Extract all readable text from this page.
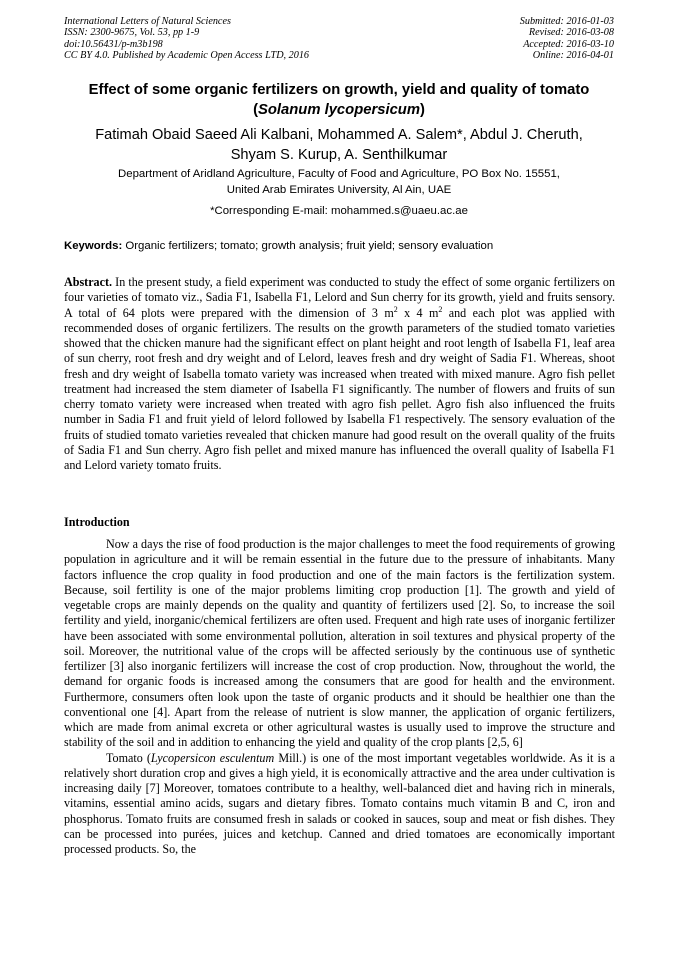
International Letters of Natural Sciences
ISSN: 2300-9675, Vol. 53, pp 1-9
doi:10.56431/p-m3b198
CC BY 4.0. Published by Academic Open Access LTD, 2016
Submitted: 2016-01-03
Revised: 2016-03-08
Accepted: 2016-03-10
Online: 2016-04-01
Effect of some organic fertilizers on growth, yield and quality of tomato
(Solanum lycopersicum)
Fatimah Obaid Saeed Ali Kalbani, Mohammed A. Salem*, Abdul J. Cheruth,
Shyam S. Kurup, A. Senthilkumar
Department of Aridland Agriculture, Faculty of Food and Agriculture, PO Box No. 15551,
United Arab Emirates University, Al Ain, UAE
*Corresponding E-mail: mohammed.s@uaeu.ac.ae
Keywords: Organic fertilizers; tomato; growth analysis; fruit yield; sensory evaluation
Abstract. In the present study, a field experiment was conducted to study the effect of some organic fertilizers on four varieties of tomato viz., Sadia F1, Isabella F1, Lelord and Sun cherry for its growth, yield and fruits sensory. A total of 64 plots were prepared with the dimension of 3 $m^2$ x 4 $m^2$ and each plot was applied with recommended doses of organic fertilizers. The results on the growth parameters of the studied tomato varieties showed that the chicken manure had the significant effect on plant height and root length of Isabella F1, leaf area of sun cherry, root fresh and dry weight and of Lelord, leaves fresh and dry weight of Sadia F1. Whereas, shoot fresh and dry weight of Isabella tomato variety was increased when treated with mixed manure. Agro fish pellet treatment had increased the stem diameter of Isabella F1 significantly. The number of flowers and fruits of sun cherry tomato variety were increased when treated with agro fish pellet. Agro fish also influenced the fruits number in Sadia F1 and fruit yield of lelord followed by Isabella F1 respectively. The sensory evaluation of the fruits of studied tomato varieties revealed that chicken manure had good result on the overall quality of the fruits of Sadia F1 and Sun cherry. Agro fish pellet and mixed manure has influenced the overall quality of Isabella F1 and Lelord variety tomato fruits.
Introduction

Now a days the rise of food production is the major challenges to meet the food requirements of growing population in agriculture and it will be remain essential in the future due to the pressure of inhabitants. Many factors influence the crop quality in food production and one of the main factors is the fertilization system. Because, soil fertility is one of the major problems limiting crop production [1]. The growth and yield of vegetable crops are mainly depends on the quality and quantity of fertilizers used [2]. So, to increase the soil fertility and yield, inorganic/chemical fertilizers are often used. Frequent and high rate uses of inorganic fertilizer have been associated with some environmental pollution, alteration in soil textures and physical property of the soil. Moreover, the nutritional value of the crops will be affected seriously by the continuous use of synthetic fertilizer [3] also inorganic fertilizers will increase the cost of crop production. Now, throughout the world, the demand for organic foods is increased among the consumers that are good for health and the environment. Furthermore, consumers often look upon the taste of organic products and it should be healthier one than the conventional one [4]. Apart from the release of nutrient is slow manner, the application of organic fertilizers, which are made from animal excreta or other agricultural wastes is usually used to improve the structure and stability of the soil and in addition to enhancing the yield and quality of the crop plants [2,5, 6]

Tomato (Lycopersicon esculentum Mill.) is one of the most important vegetables worldwide. As it is a relatively short duration crop and gives a high yield, it is economically attractive and the area under cultivation is increasing daily [7] Moreover, tomatoes contribute to a healthy, well-balanced diet and having rich in minerals, vitamins, essential amino acids, sugars and dietary fibres. Tomato contains much vitamin B and C, iron and phosphorus. Tomato fruits are consumed fresh in salads or cooked in sauces, soup and meat or fish dishes. They can be processed into purées, juices and ketchup. Canned and dried tomatoes are economically important processed products. So, the
